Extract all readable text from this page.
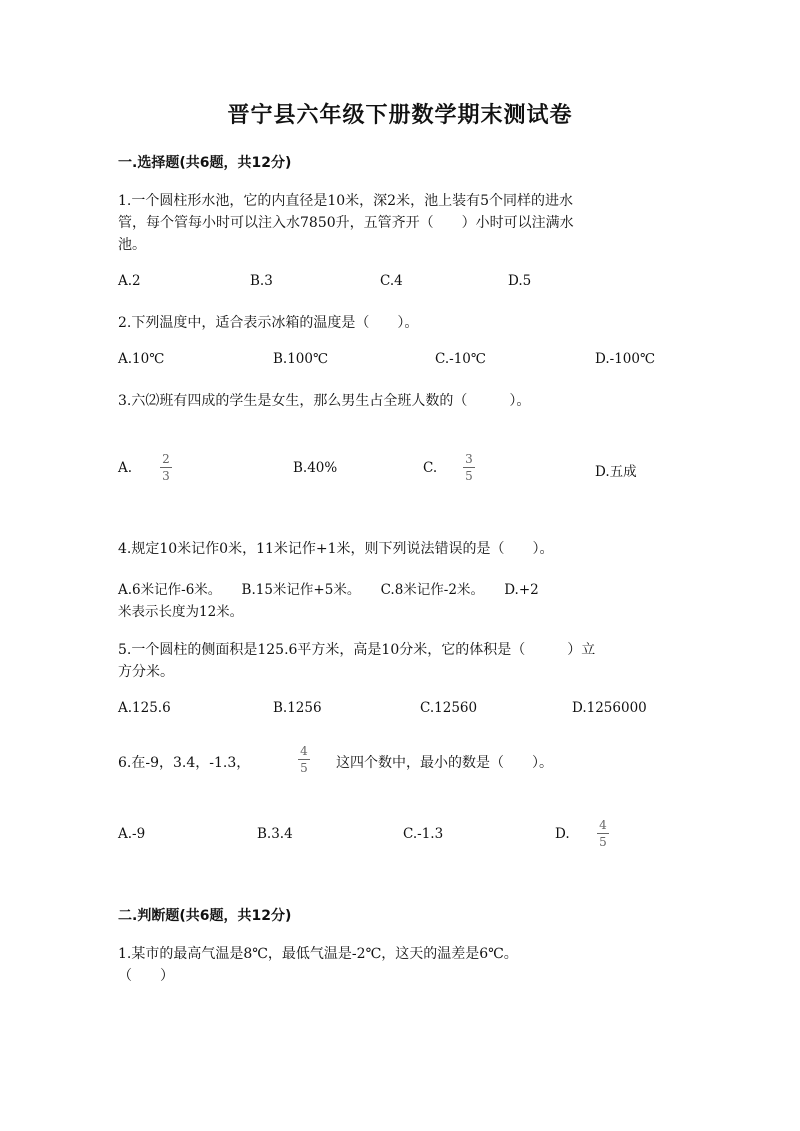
晋宁县六年级下册数学期末测试卷
一.选择题(共6题，共12分)
1.一个圆柱形水池，它的内直径是10米，深2米，池上装有5个同样的进水
管，每个管每小时可以注入水7850升，五管齐开（　　）小时可以注满水
池。
A.2	B.3	C.4	D.5
2.下列温度中，适合表示冰箱的温度是（　　）。
A.10℃	B.100℃	C.-10℃	D.-100℃
3.六⑵班有四成的学生是女生，那么男生占全班人数的（　　　）。
A.
2
3	B.40%	C.
3
5	D.五成
4.规定10米记作0米，11米记作+1米，则下列说法错误的是（　　）。
A.6米记作-6米。　　B.15米记作+5米。　　C.8米记作-2米。　　D.+2
米表示长度为12米。
5.一个圆柱的侧面积是125.6平方米，高是10分米，它的体积是（　　　）立
方分米。
A.125.6	B.1256	C.12560	D.1256000
6.在-9，3.4，-1.3，
4
5 这四个数中，最小的数是（　　）。
A.-9	B.3.4	C.-1.3	D.
4
5
二.判断题(共6题，共12分)
1.某市的最高气温是8℃，最低气温是-2℃，这天的温差是6℃。
（　　）
